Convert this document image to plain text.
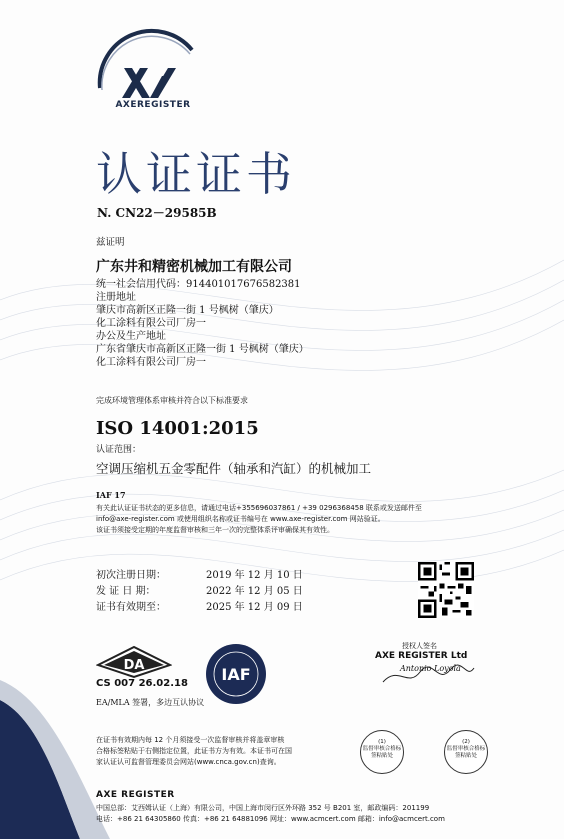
AXEREGISTER
认证证书
N. CN22－29585B
兹证明
广东井和精密机械加工有限公司
统一社会信用代码：914401017676582381
注册地址
肇庆市高新区正隆一街 1 号枫树（肇庆）
化工涂料有限公司厂房一
办公及生产地址
广东省肇庆市高新区正隆一街 1 号枫树（肇庆）
化工涂料有限公司厂房一
完成环境管理体系审核并符合以下标准要求
ISO 14001:2015
认证范围：
空调压缩机五金零配件（轴承和汽缸）的机械加工
IAF 17
有关此认证证书状态的更多信息，请通过电话+355696037861 / +39 0296368458 联系或发送邮件至
info@axe-register.com 或使用组织名称或证书编号在 www.axe-register.com 网站验证。
该证书须接受定期的年度监督审核和三年一次的完整体系评审确保其有效性。
初次注册日期：	2019 年 12 月 10 日
发 证 日 期：	2022 年 12 月 05 日
证书有效期至：	2025 年 12 月 09 日
授权人签名
AXE REGISTER Ltd
Antonio Loyola
DA
CS 007 26.02.18 IAF
EA/MLA 签署，多边互认协议
在证书有效期内每 12 个月须接受一次监督审核并将盖章审核
合格标签粘贴于右侧指定位置，此证书方为有效。本证书可在国
家认证认可监督管理委员会网站(www.cnca.gov.cn)查询。
(1)
监督审核合格标签粘贴处
(2)
监督审核合格标签粘贴处
AXE REGISTER
中国总部：艾西姆认证（上海）有限公司，中国上海市闵行区外环路 352 号 B201 室，邮政编码：201199
电话：+86 21 64305860 传真：+86 21 64881096 网址：www.acmcert.com 邮箱：info@acmcert.com
